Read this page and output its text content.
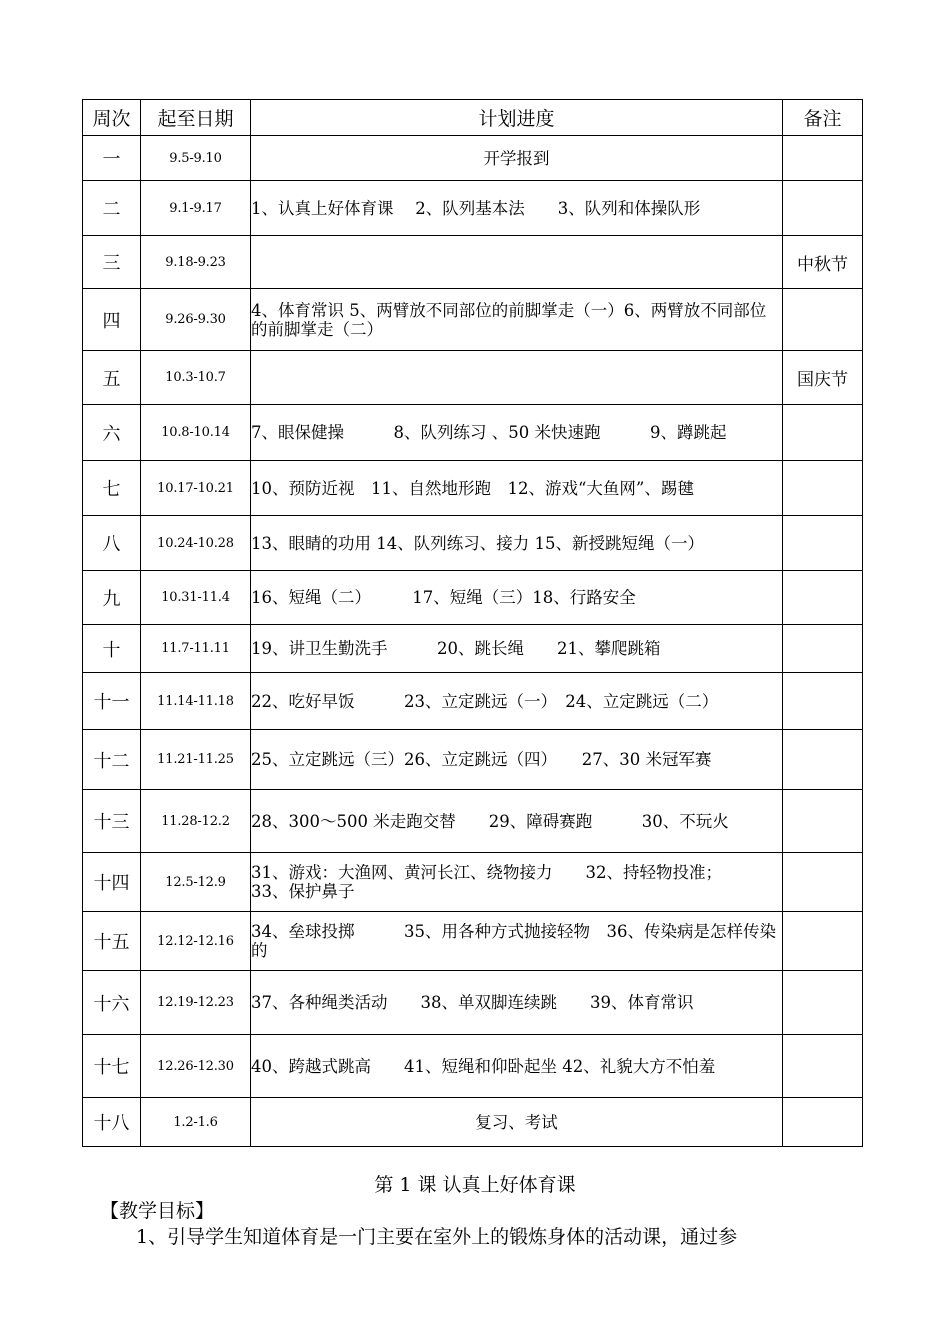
周次	起至日期	计划进度	备注
一	9.5-9.10	开学报到	
二	9.1-9.17	1、认真上好体育课　 2、队列基本法　　3、队列和体操队形	
三	9.18-9.23		中秋节
四	9.26-9.30	4、体育常识 5、两臂放不同部位的前脚掌走（一）6、两臂放不同部位的前脚掌走（二）	
五	10.3-10.7		国庆节
六	10.8-10.14	7、眼保健操　　　8、队列练习 、50 米快速跑　　　9、蹲跳起	
七	10.17-10.21	10、预防近视　11、自然地形跑　12、游戏“大鱼网”、踢毽	
八	10.24-10.28	13、眼睛的功用 14、队列练习、接力 15、新授跳短绳（一）	
九	10.31-11.4	16、短绳（二）　　　17、短绳（三）18、行路安全	
十	11.7-11.11	19、讲卫生勤洗手　　　20、跳长绳　　21、攀爬跳箱	
十一	11.14-11.18	22、吃好早饭　　　23、立定跳远（一）　24、立定跳远（二）	
十二	11.21-11.25	25、立定跳远（三）26、立定跳远（四）　　27、30 米冠军赛	
十三	11.28-12.2	28、300～500 米走跑交替　　29、障碍赛跑　　　30、不玩火	
十四	12.5-12.9	31、游戏：大渔网、黄河长江、绕物接力　　32、持轻物投准；
33、保护鼻子	
十五	12.12-12.16	34、垒球投掷　　　35、用各种方式抛接轻物　36、传染病是怎样传染的	
十六	12.19-12.23	37、各种绳类活动　　38、单双脚连续跳　　39、体育常识	
十七	12.26-12.30	40、跨越式跳高　　41、短绳和仰卧起坐 42、礼貌大方不怕羞	
十八	1.2-1.6	复习、考试	

第 1 课 认真上好体育课

【教学目标】

1、引导学生知道体育是一门主要在室外上的锻炼身体的活动课，通过参
